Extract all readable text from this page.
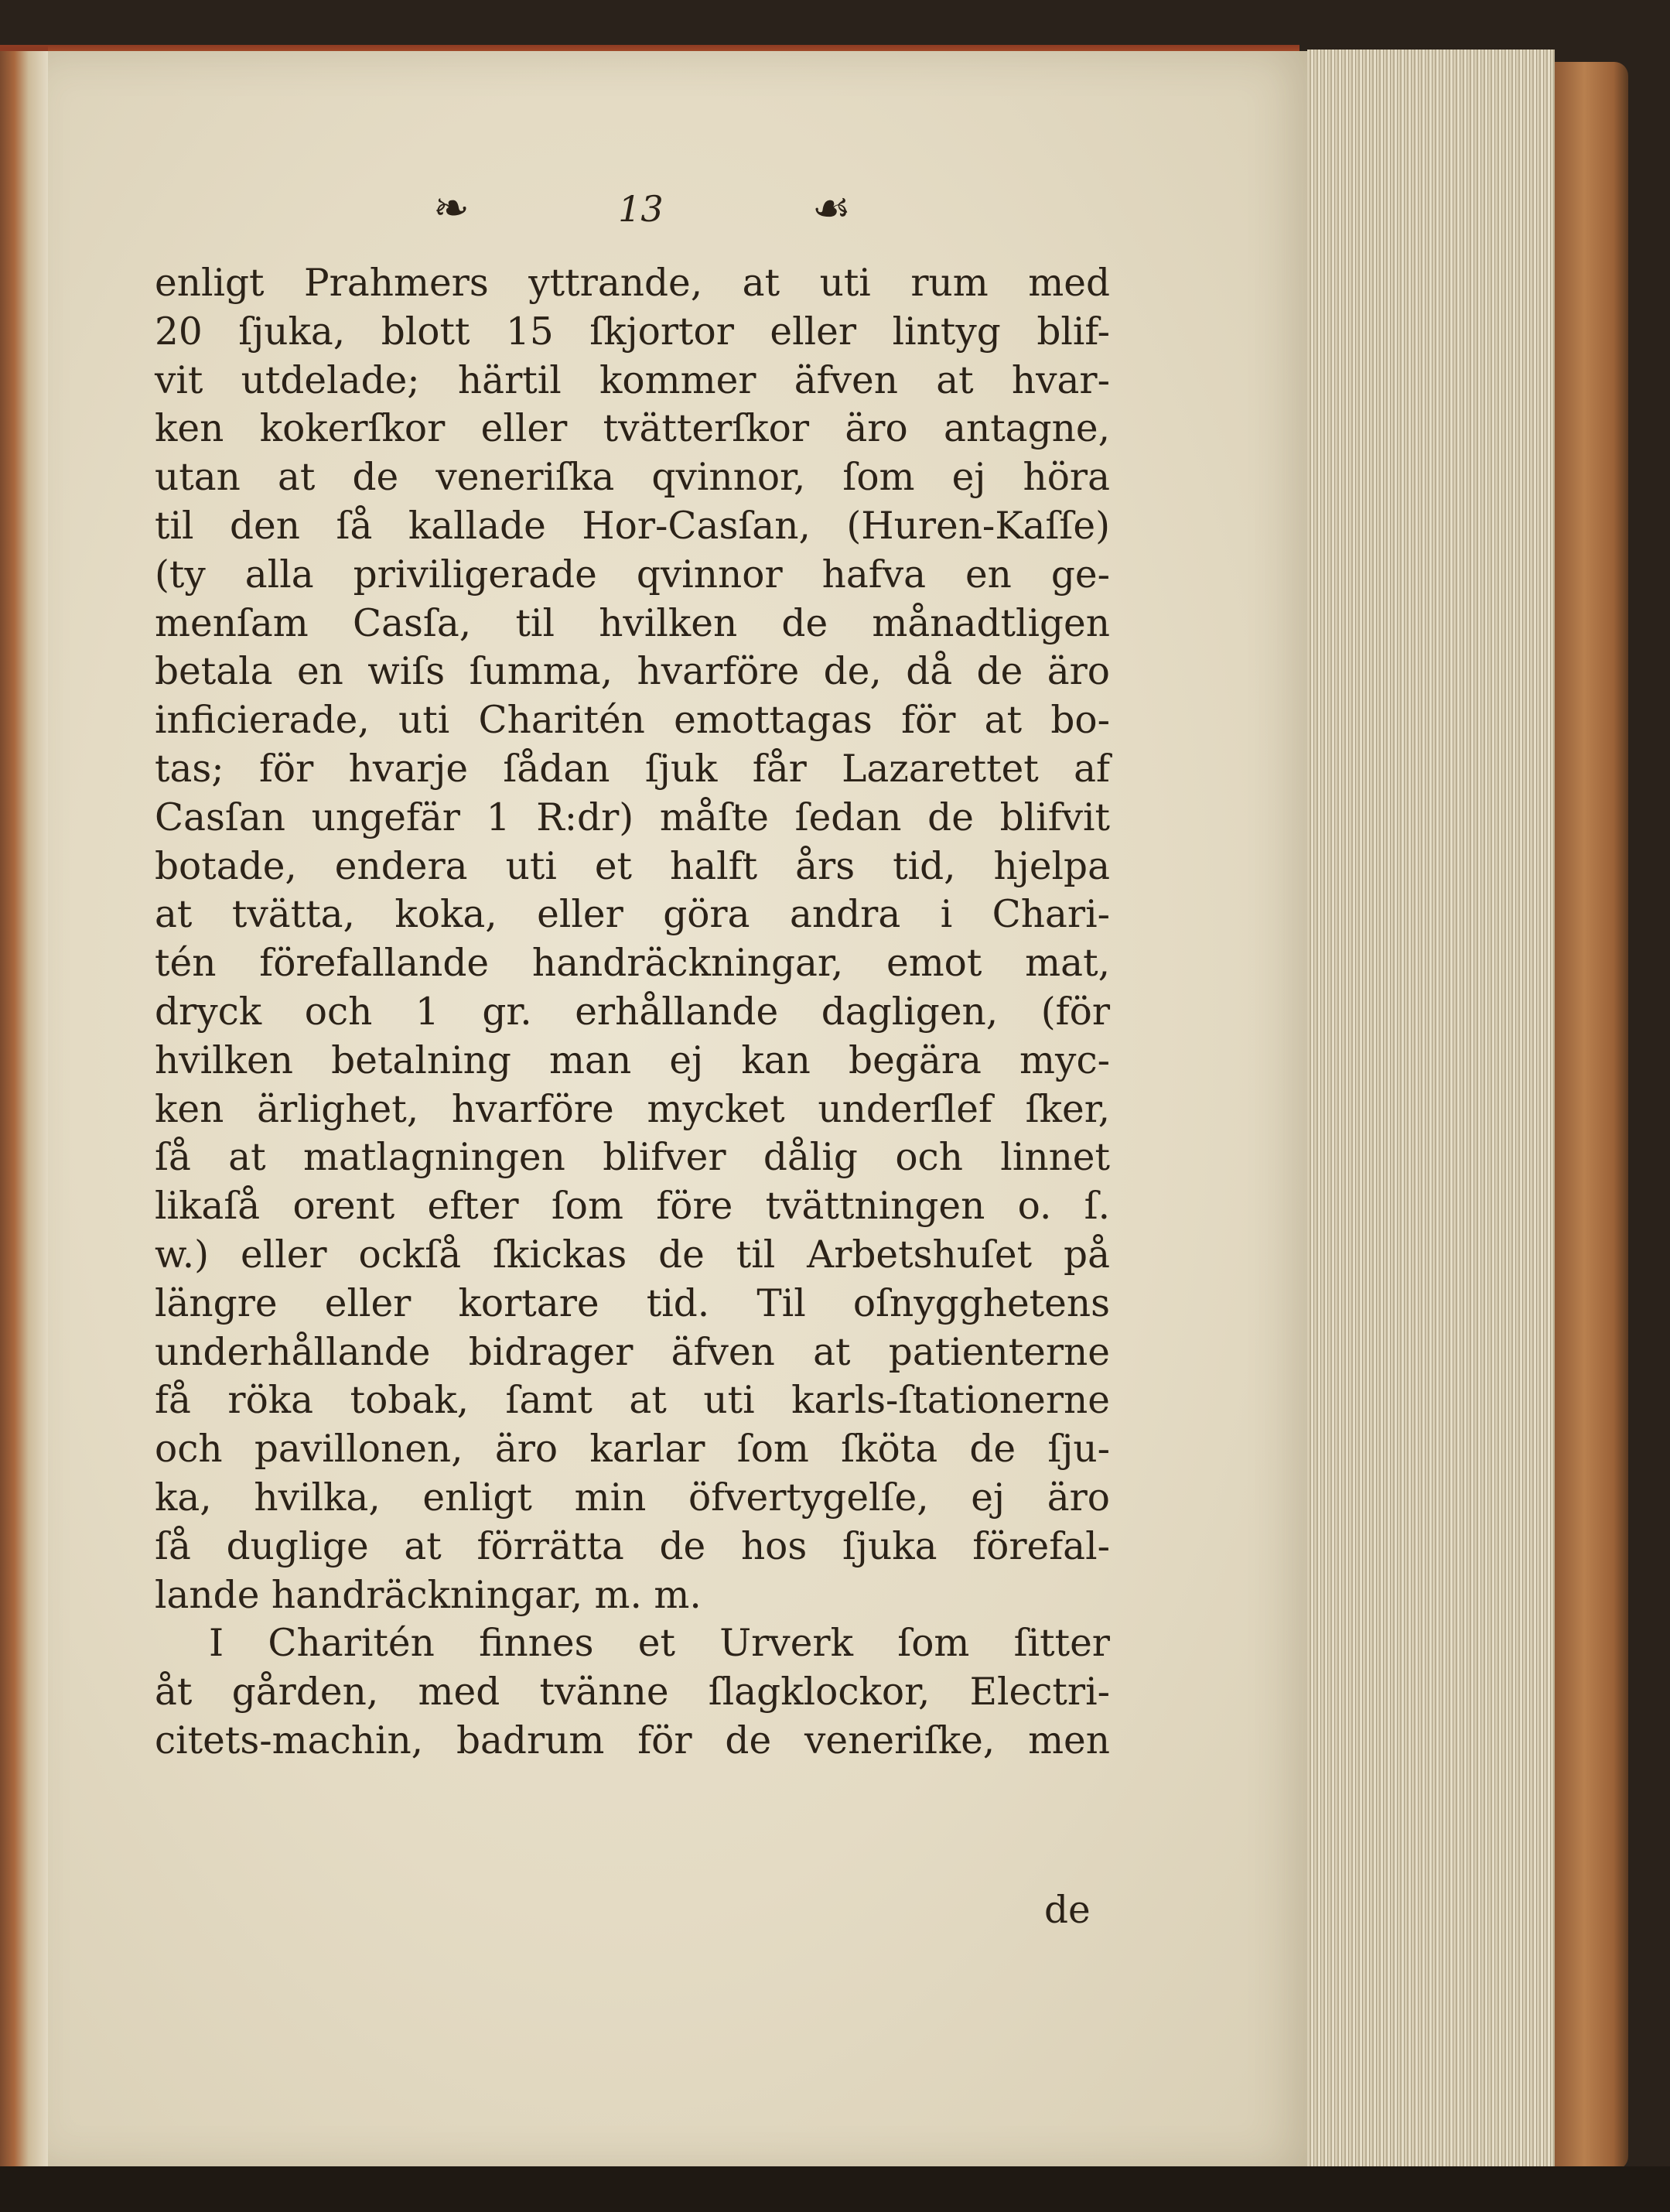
❧	13	☙
enligt Prahmers yttrande, at uti rum med
20 ſjuka, blott 15 ſkjortor eller lintyg blif-
vit utdelade; härtil kommer äfven at hvar-
ken kokerſkor eller tvätterſkor äro antagne,
utan at de veneriſka qvinnor, ſom ej höra
til den ſå kallade Hor-Casſan, (Huren-Kaſſe)
(ty alla priviligerade qvinnor hafva en ge-
menſam Casſa, til hvilken de månadtligen
betala en wiſs ſumma, hvarföre de, då de äro
inficierade, uti Charitén emottagas för at bo-
tas; för hvarje ſådan ſjuk får Lazarettet af
Casſan ungefär 1 R:dr) måſte ſedan de blifvit
botade, endera uti et halft års tid, hjelpa
at tvätta, koka, eller göra andra i Chari-
tén förefallande handräckningar, emot mat,
dryck och 1 gr. erhållande dagligen, (för
hvilken betalning man ej kan begära myc-
ken ärlighet, hvarföre mycket underſlef ſker,
ſå at matlagningen blifver dålig och linnet
likaſå orent efter ſom före tvättningen o. ſ.
w.) eller ockſå ſkickas de til Arbetshuſet på
längre eller kortare tid. Til oſnygghetens
underhållande bidrager äfven at patienterne
få röka tobak, ſamt at uti karls-ſtationerne
och pavillonen, äro karlar ſom ſköta de ſju-
ka, hvilka, enligt min öfvertygelſe, ej äro
ſå duglige at förrätta de hos ſjuka förefal-
lande handräckningar, m. m.
I Charitén finnes et Urverk ſom ſitter
åt gården, med tvänne ſlagklockor, Electri-
citets-machin, badrum för de veneriſke, men
de
